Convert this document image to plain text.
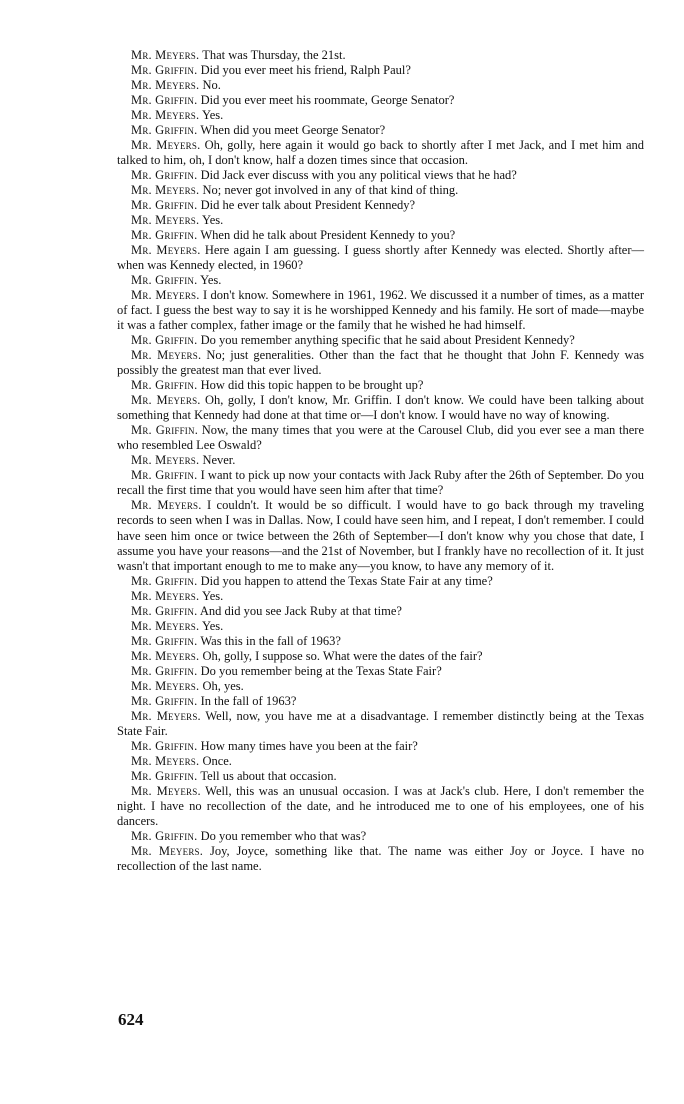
Mr. Meyers. That was Thursday, the 21st.

Mr. Griffin. Did you ever meet his friend, Ralph Paul?

Mr. Meyers. No.

Mr. Griffin. Did you ever meet his roommate, George Senator?

Mr. Meyers. Yes.

Mr. Griffin. When did you meet George Senator?

Mr. Meyers. Oh, golly, here again it would go back to shortly after I met Jack, and I met him and talked to him, oh, I don't know, half a dozen times since that occasion.

Mr. Griffin. Did Jack ever discuss with you any political views that he had?

Mr. Meyers. No; never got involved in any of that kind of thing.

Mr. Griffin. Did he ever talk about President Kennedy?

Mr. Meyers. Yes.

Mr. Griffin. When did he talk about President Kennedy to you?

Mr. Meyers. Here again I am guessing. I guess shortly after Kennedy was elected. Shortly after—when was Kennedy elected, in 1960?

Mr. Griffin. Yes.

Mr. Meyers. I don't know. Somewhere in 1961, 1962. We discussed it a number of times, as a matter of fact. I guess the best way to say it is he worshipped Kennedy and his family. He sort of made—maybe it was a father complex, father image or the family that he wished he had himself.

Mr. Griffin. Do you remember anything specific that he said about President Kennedy?

Mr. Meyers. No; just generalities. Other than the fact that he thought that John F. Kennedy was possibly the greatest man that ever lived.

Mr. Griffin. How did this topic happen to be brought up?

Mr. Meyers. Oh, golly, I don't know, Mr. Griffin. I don't know. We could have been talking about something that Kennedy had done at that time or—I don't know. I would have no way of knowing.

Mr. Griffin. Now, the many times that you were at the Carousel Club, did you ever see a man there who resembled Lee Oswald?

Mr. Meyers. Never.

Mr. Griffin. I want to pick up now your contacts with Jack Ruby after the 26th of September. Do you recall the first time that you would have seen him after that time?

Mr. Meyers. I couldn't. It would be so difficult. I would have to go back through my traveling records to seen when I was in Dallas. Now, I could have seen him, and I repeat, I don't remember. I could have seen him once or twice between the 26th of September—I don't know why you chose that date, I assume you have your reasons—and the 21st of November, but I frankly have no recollection of it. It just wasn't that important enough to me to make any—you know, to have any memory of it.

Mr. Griffin. Did you happen to attend the Texas State Fair at any time?

Mr. Meyers. Yes.

Mr. Griffin. And did you see Jack Ruby at that time?

Mr. Meyers. Yes.

Mr. Griffin. Was this in the fall of 1963?

Mr. Meyers. Oh, golly, I suppose so. What were the dates of the fair?

Mr. Griffin. Do you remember being at the Texas State Fair?

Mr. Meyers. Oh, yes.

Mr. Griffin. In the fall of 1963?

Mr. Meyers. Well, now, you have me at a disadvantage. I remember distinctly being at the Texas State Fair.

Mr. Griffin. How many times have you been at the fair?

Mr. Meyers. Once.

Mr. Griffin. Tell us about that occasion.

Mr. Meyers. Well, this was an unusual occasion. I was at Jack's club. Here, I don't remember the night. I have no recollection of the date, and he introduced me to one of his employees, one of his dancers.

Mr. Griffin. Do you remember who that was?

Mr. Meyers. Joy, Joyce, something like that. The name was either Joy or Joyce. I have no recollection of the last name.

624
